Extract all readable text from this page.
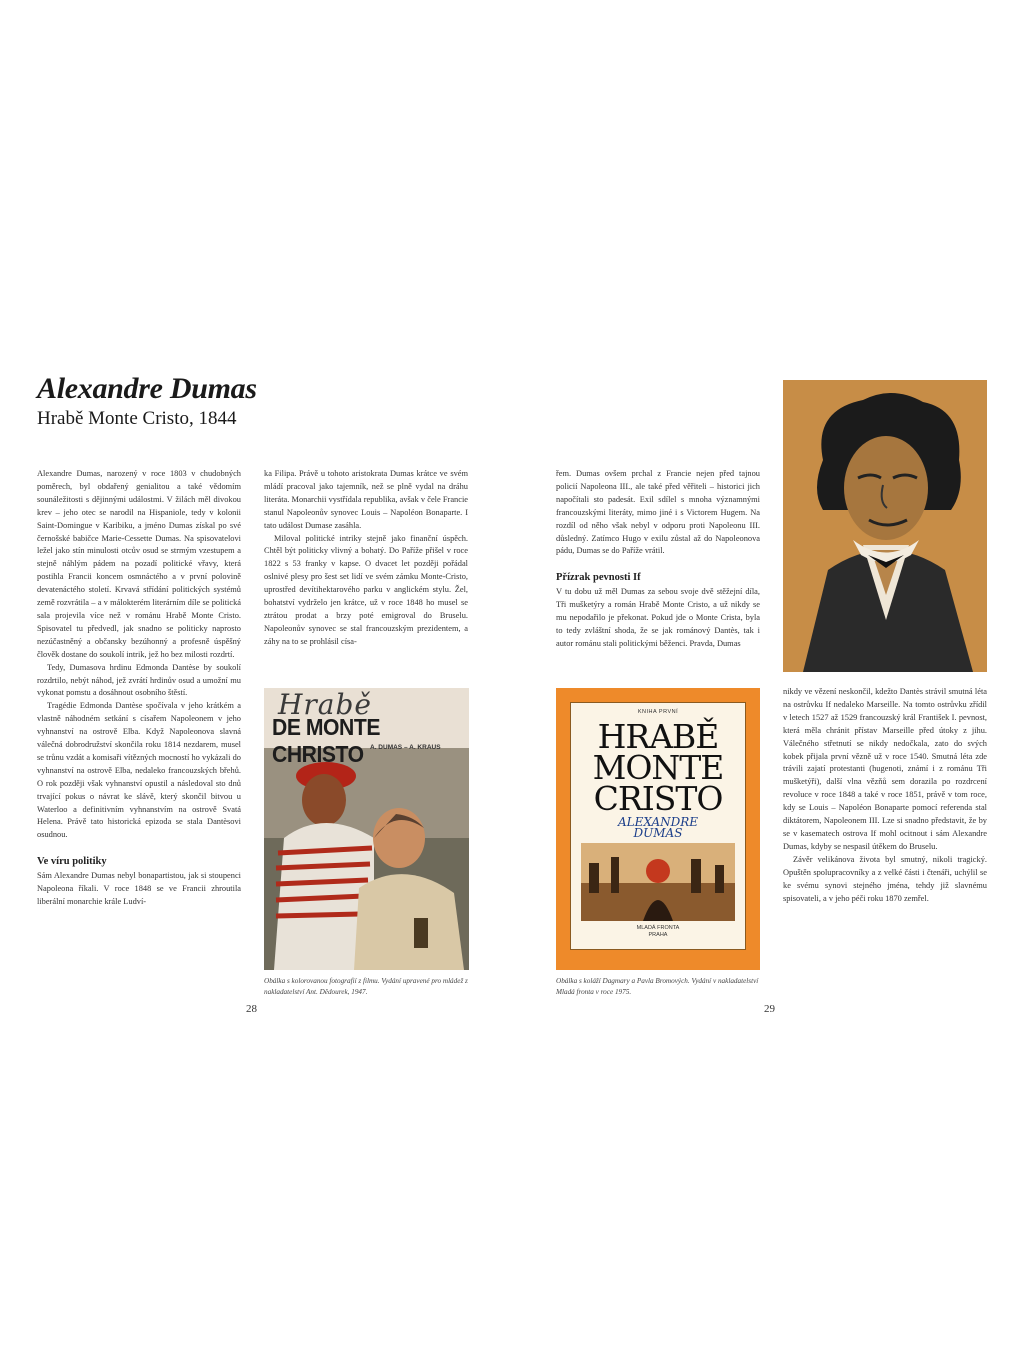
Alexandre Dumas
Hrabě Monte Cristo, 1844

Alexandre Dumas, narozený v roce 1803 v chudobných poměrech, byl obdařený genialitou a také vědomím sounáležitosti s dějinnými událostmi. V žilách měl divokou krev – jeho otec se narodil na Hispaniole, tedy v kolonii Saint-Domingue v Karibiku, a jméno Dumas získal po své černošské babičce Marie-Cessette Dumas. Na spisovatelovi ležel jako stín minulosti otcův osud se strmým vzestupem a stejně náhlým pádem na pozadí politické vřavy, která postihla Francii koncem osmnáctého a v první polovině devatenáctého století. Krvavá střídání politických systémů země rozvrátila – a v málokterém literárním díle se politická sala projevila více než v románu Hrabě Monte Cristo. Spisovatel tu předvedl, jak snadno se politicky naprosto nezúčastněný a občansky bezúhonný a profesně úspěšný člověk dostane do soukolí intrik, jež ho bez milosti rozdrtí.

Tedy, Dumasova hrdinu Edmonda Dantèse by soukolí rozdrtilo, nebýt náhod, jež zvrátí hrdinův osud a umožní mu vykonat pomstu a dosáhnout osobního štěstí.

Tragédie Edmonda Dantèse spočívala v jeho krátkém a vlastně náhodném setkání s císařem Napoleonem v jeho vyhnanství na ostrově Elba. Když Napoleonova slavná válečná dobrodružství skončila roku 1814 nezdarem, musel se trůnu vzdát a komisaři vítězných mocností ho vykázali do vyhnanství na ostrově Elba, nedaleko francouzských břehů. O rok později však vyhnanství opustil a následoval sto dnů trvající pokus o návrat ke slávě, který skončil bitvou u Waterloo a definitivním vyhnanstvím na ostrově Svatá Helena. Právě tato historická epizoda se stala Dantèsovi osudnou.

Ve víru politiky

Sám Alexandre Dumas nebyl bonapartistou, jak si stoupenci Napoleona říkali. V roce 1848 se ve Francii zhroutila liberální monarchie krále Ludví-

ka Filipa. Právě u tohoto aristokrata Dumas krátce ve svém mládí pracoval jako tajemník, než se plně vydal na dráhu literáta. Monarchii vystřídala republika, avšak v čele Francie stanul Napoleonův synovec Louis – Napoléon Bonaparte. I tato událost Dumase zasáhla.

Miloval politické intriky stejně jako finanční úspěch. Chtěl být politicky vlivný a bohatý. Do Paříže přišel v roce 1822 s 53 franky v kapse. O dvacet let později pořádal oslnivé plesy pro šest set lidí ve svém zámku Monte-Cristo, uprostřed devítihektarového parku v anglickém stylu. Žel, bohatství vydrželo jen krátce, už v roce 1848 ho musel se ztrátou prodat a brzy poté emigroval do Bruselu. Napoleonův synovec se stal francouzským prezidentem, a záhy na to se prohlásil císa-

Hrabě
DE MONTE CHRISTO A. DUMAS – A. KRAUS
Obálka s kolorovanou fotografií z filmu. Vydání upravené pro mládež z nakladatelství Ant. Dědourek, 1947.
28

řem. Dumas ovšem prchal z Francie nejen před tajnou policií Napoleona III., ale také před věřiteli – historici jich napočítali sto padesát. Exil sdílel s mnoha významnými francouzskými literáty, mimo jiné i s Victorem Hugem. Na rozdíl od něho však nebyl v odporu proti Napoleonu III. důsledný. Zatímco Hugo v exilu zůstal až do Napoleonova pádu, Dumas se do Paříže vrátil.

Přízrak pevnosti If

V tu dobu už měl Dumas za sebou svoje dvě stěžejní díla, Tři mušketýry a román Hrabě Monte Cristo, a už nikdy se mu nepodařilo je překonat. Pokud jde o Monte Crista, byla to tedy zvláštní shoda, že se jak románový Dantès, tak i autor románu stali politickými běženci. Pravda, Dumas

KNIHA PRVNÍ
HRABĚ
MONTE
CRISTO
ALEXANDRE
DUMAS
MLADÁ FRONTA
PRAHA
Obálka s koláží Dagmary a Pavla Bromových. Vydání v nakladatelství Mladá fronta v roce 1975.

nikdy ve vězení neskončil, kdežto Dantès strávil smutná léta na ostrůvku If nedaleko Marseille. Na tomto ostrůvku zřídil v letech 1527 až 1529 francouzský král František I. pevnost, která měla chránit přístav Marseille před útoky z jihu. Válečného střetnutí se nikdy nedočkala, zato do svých kobek přijala první vězně už v roce 1540. Smutná léta zde trávili zajatí protestanti (hugenoti, známí i z románu Tři mušketýři), další vlna vězňů sem dorazila po rozdrcení revoluce v roce 1848 a také v roce 1851, právě v tom roce, kdy se Louis – Napoléon Bonaparte pomocí referenda stal diktátorem, Napoleonem III. Lze si snadno představit, že by se v kasematech ostrova If mohl ocitnout i sám Alexandre Dumas, kdyby se nespasil útěkem do Bruselu.

Závěr velikánova života byl smutný, nikoli tragický. Opuštěn spolupracovníky a z velké části i čtenáři, uchýlil se ke svému synovi stejného jména, tehdy již slavnému spisovateli, a v jeho péči roku 1870 zemřel.

29
